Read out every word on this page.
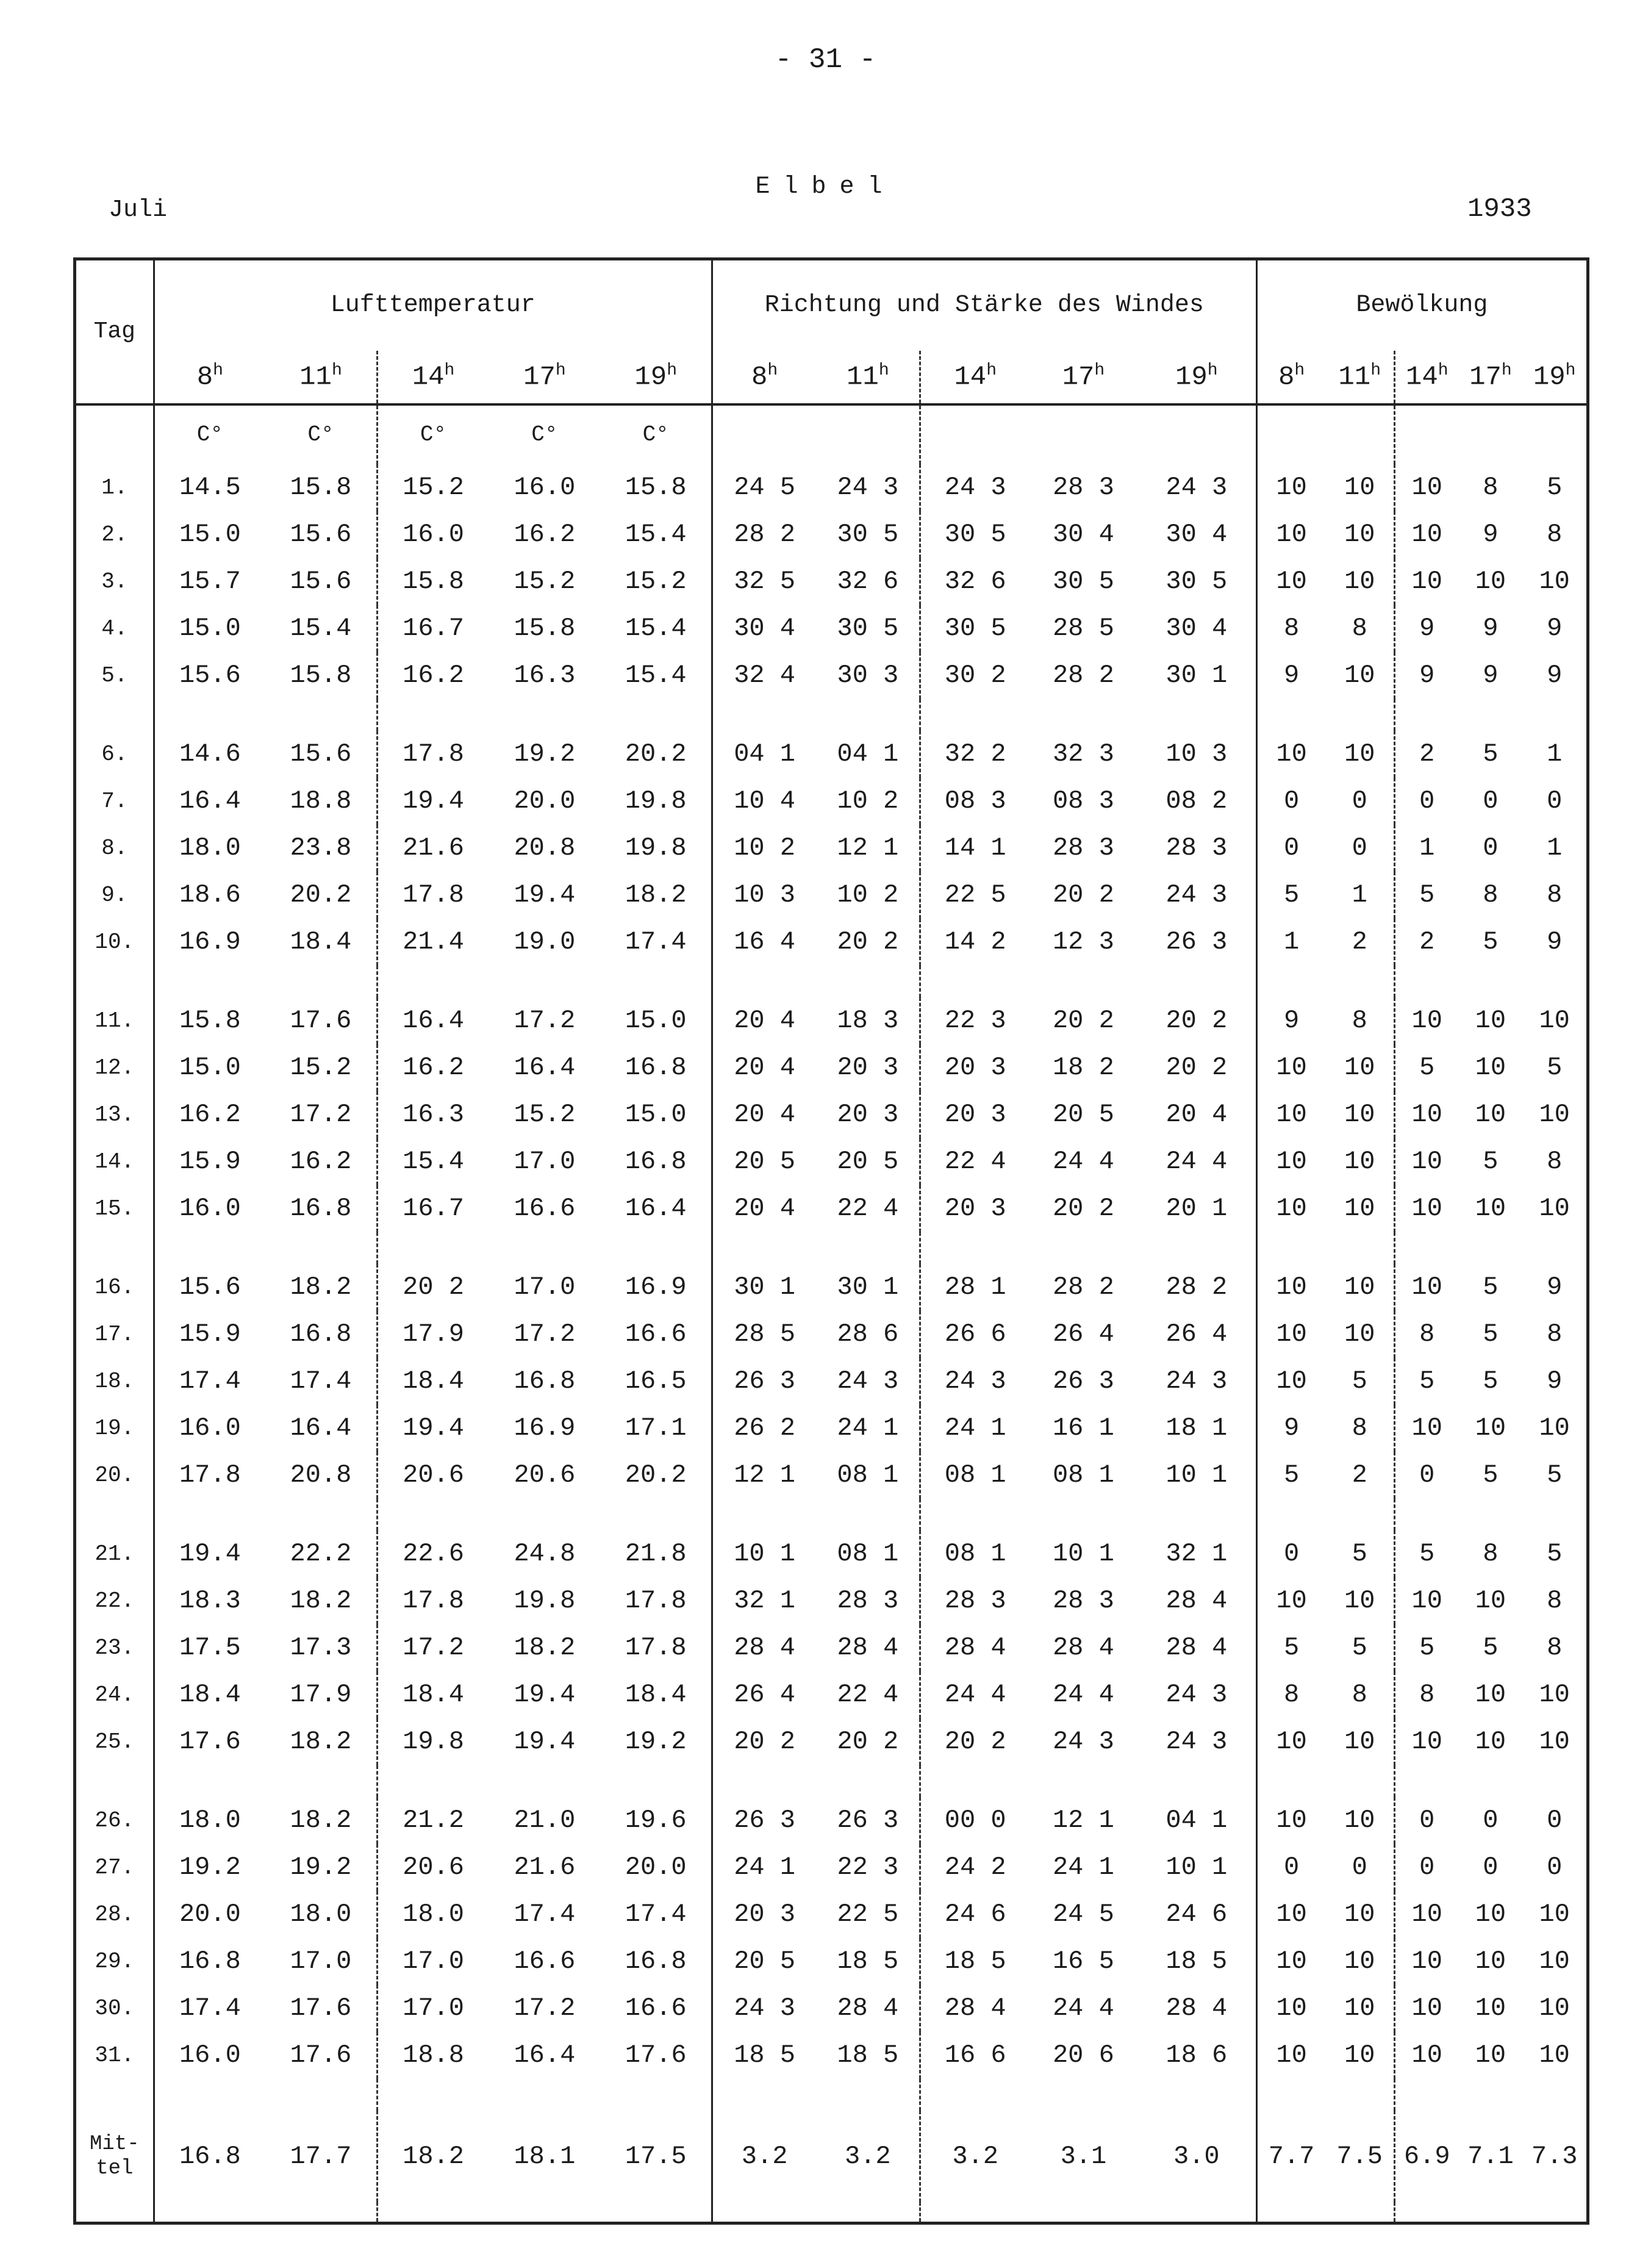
- 31 -
Juli
Elbel
1933
Tag	Lufttemperatur					Richtung und Stärke des Windes					Bewölkung				
	8$^h$	11$^h$	14$^h$	17$^h$	19$^h$	8$^h$	11$^h$	14$^h$	17$^h$	19$^h$	8$^h$	11$^h$	14$^h$	17$^h$	19$^h$
	C°	C°	C°	C°	C°										
1.	14.5	15.8	15.2	16.0	15.8	24 5	24 3	24 3	28 3	24 3	10	10	10	8	5
2.	15.0	15.6	16.0	16.2	15.4	28 2	30 5	30 5	30 4	30 4	10	10	10	9	8
3.	15.7	15.6	15.8	15.2	15.2	32 5	32 6	32 6	30 5	30 5	10	10	10	10	10
4.	15.0	15.4	16.7	15.8	15.4	30 4	30 5	30 5	28 5	30 4	8	8	9	9	9
5.	15.6	15.8	16.2	16.3	15.4	32 4	30 3	30 2	28 2	30 1	9	10	9	9	9

6.	14.6	15.6	17.8	19.2	20.2	04 1	04 1	32 2	32 3	10 3	10	10	2	5	1
7.	16.4	18.8	19.4	20.0	19.8	10 4	10 2	08 3	08 3	08 2	0	0	0	0	0
8.	18.0	23.8	21.6	20.8	19.8	10 2	12 1	14 1	28 3	28 3	0	0	1	0	1
9.	18.6	20.2	17.8	19.4	18.2	10 3	10 2	22 5	20 2	24 3	5	1	5	8	8
10.	16.9	18.4	21.4	19.0	17.4	16 4	20 2	14 2	12 3	26 3	1	2	2	5	9

11.	15.8	17.6	16.4	17.2	15.0	20 4	18 3	22 3	20 2	20 2	9	8	10	10	10
12.	15.0	15.2	16.2	16.4	16.8	20 4	20 3	20 3	18 2	20 2	10	10	5	10	5
13.	16.2	17.2	16.3	15.2	15.0	20 4	20 3	20 3	20 5	20 4	10	10	10	10	10
14.	15.9	16.2	15.4	17.0	16.8	20 5	20 5	22 4	24 4	24 4	10	10	10	5	8
15.	16.0	16.8	16.7	16.6	16.4	20 4	22 4	20 3	20 2	20 1	10	10	10	10	10

16.	15.6	18.2	20 2	17.0	16.9	30 1	30 1	28 1	28 2	28 2	10	10	10	5	9
17.	15.9	16.8	17.9	17.2	16.6	28 5	28 6	26 6	26 4	26 4	10	10	8	5	8
18.	17.4	17.4	18.4	16.8	16.5	26 3	24 3	24 3	26 3	24 3	10	5	5	5	9
19.	16.0	16.4	19.4	16.9	17.1	26 2	24 1	24 1	16 1	18 1	9	8	10	10	10
20.	17.8	20.8	20.6	20.6	20.2	12 1	08 1	08 1	08 1	10 1	5	2	0	5	5

21.	19.4	22.2	22.6	24.8	21.8	10 1	08 1	08 1	10 1	32 1	0	5	5	8	5
22.	18.3	18.2	17.8	19.8	17.8	32 1	28 3	28 3	28 3	28 4	10	10	10	10	8
23.	17.5	17.3	17.2	18.2	17.8	28 4	28 4	28 4	28 4	28 4	5	5	5	5	8
24.	18.4	17.9	18.4	19.4	18.4	26 4	22 4	24 4	24 4	24 3	8	8	8	10	10
25.	17.6	18.2	19.8	19.4	19.2	20 2	20 2	20 2	24 3	24 3	10	10	10	10	10

26.	18.0	18.2	21.2	21.0	19.6	26 3	26 3	00 0	12 1	04 1	10	10	0	0	0
27.	19.2	19.2	20.6	21.6	20.0	24 1	22 3	24 2	24 1	10 1	0	0	0	0	0
28.	20.0	18.0	18.0	17.4	17.4	20 3	22 5	24 6	24 5	24 6	10	10	10	10	10
29.	16.8	17.0	17.0	16.6	16.8	20 5	18 5	18 5	16 5	18 5	10	10	10	10	10
30.	17.4	17.6	17.0	17.2	16.6	24 3	28 4	28 4	24 4	28 4	10	10	10	10	10
31.	16.0	17.6	18.8	16.4	17.6	18 5	18 5	16 6	20 6	18 6	10	10	10	10	10

Mit-
tel	16.8	17.7	18.2	18.1	17.5	3.2	3.2	3.2	3.1	3.0	7.7	7.5	6.9	7.1	7.3
